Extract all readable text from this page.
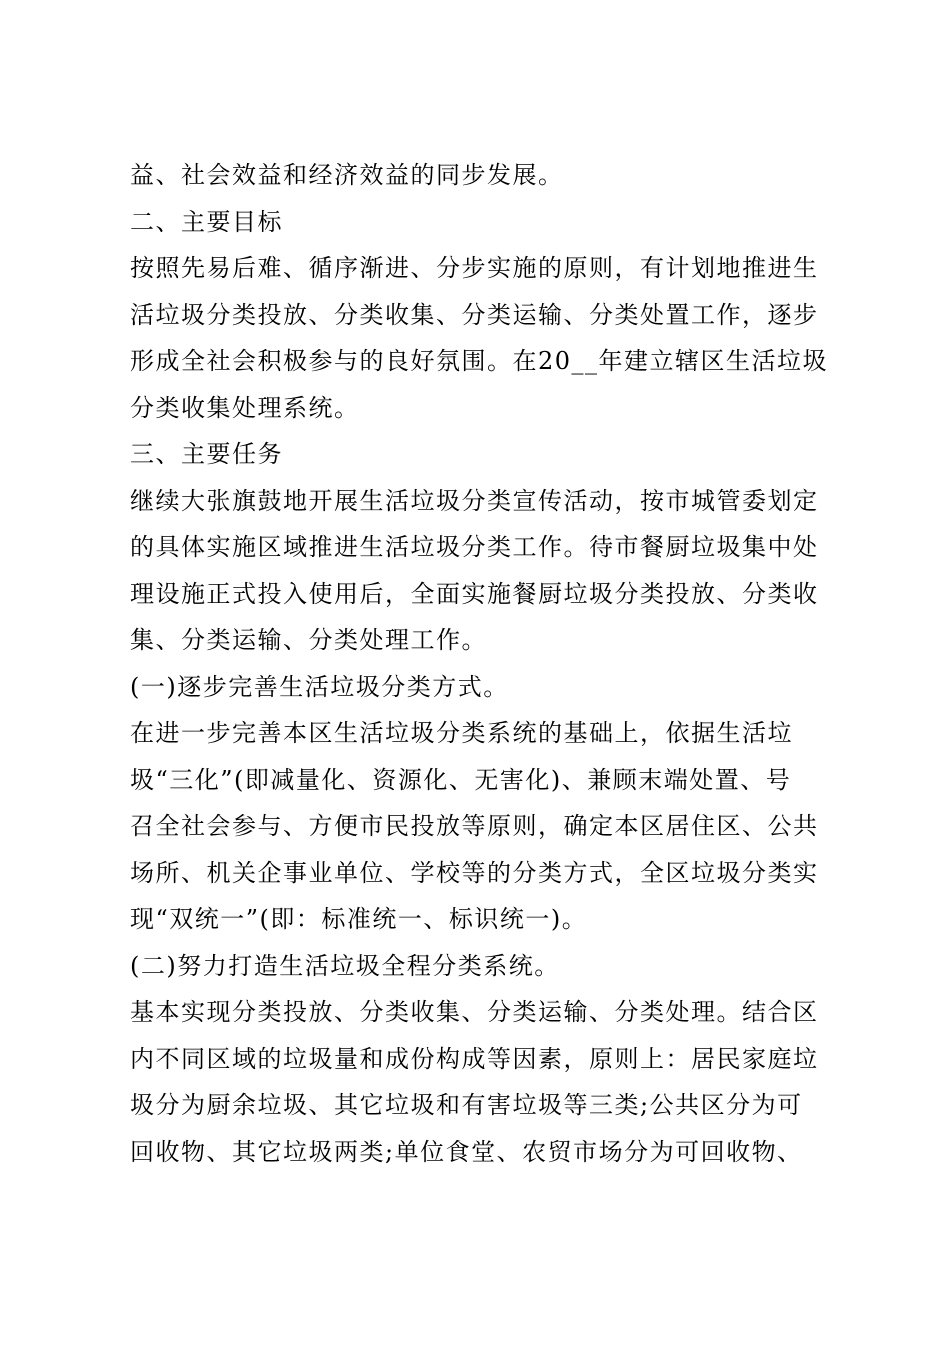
益、社会效益和经济效益的同步发展。
二、主要目标
按照先易后难、循序渐进、分步实施的原则，有计划地推进生
活垃圾分类投放、分类收集、分类运输、分类处置工作，逐步
形成全社会积极参与的良好氛围。在20__年建立辖区生活垃圾
分类收集处理系统。
三、主要任务
继续大张旗鼓地开展生活垃圾分类宣传活动，按市城管委划定
的具体实施区域推进生活垃圾分类工作。待市餐厨垃圾集中处
理设施正式投入使用后，全面实施餐厨垃圾分类投放、分类收
集、分类运输、分类处理工作。
(一)逐步完善生活垃圾分类方式。
在进一步完善本区生活垃圾分类系统的基础上，依据生活垃
圾“三化”(即减量化、资源化、无害化)、兼顾末端处置、号
召全社会参与、方便市民投放等原则，确定本区居住区、公共
场所、机关企事业单位、学校等的分类方式，全区垃圾分类实
现“双统一”(即：标准统一、标识统一)。
(二)努力打造生活垃圾全程分类系统。
基本实现分类投放、分类收集、分类运输、分类处理。结合区
内不同区域的垃圾量和成份构成等因素，原则上：居民家庭垃
圾分为厨余垃圾、其它垃圾和有害垃圾等三类;公共区分为可
回收物、其它垃圾两类;单位食堂、农贸市场分为可回收物、
